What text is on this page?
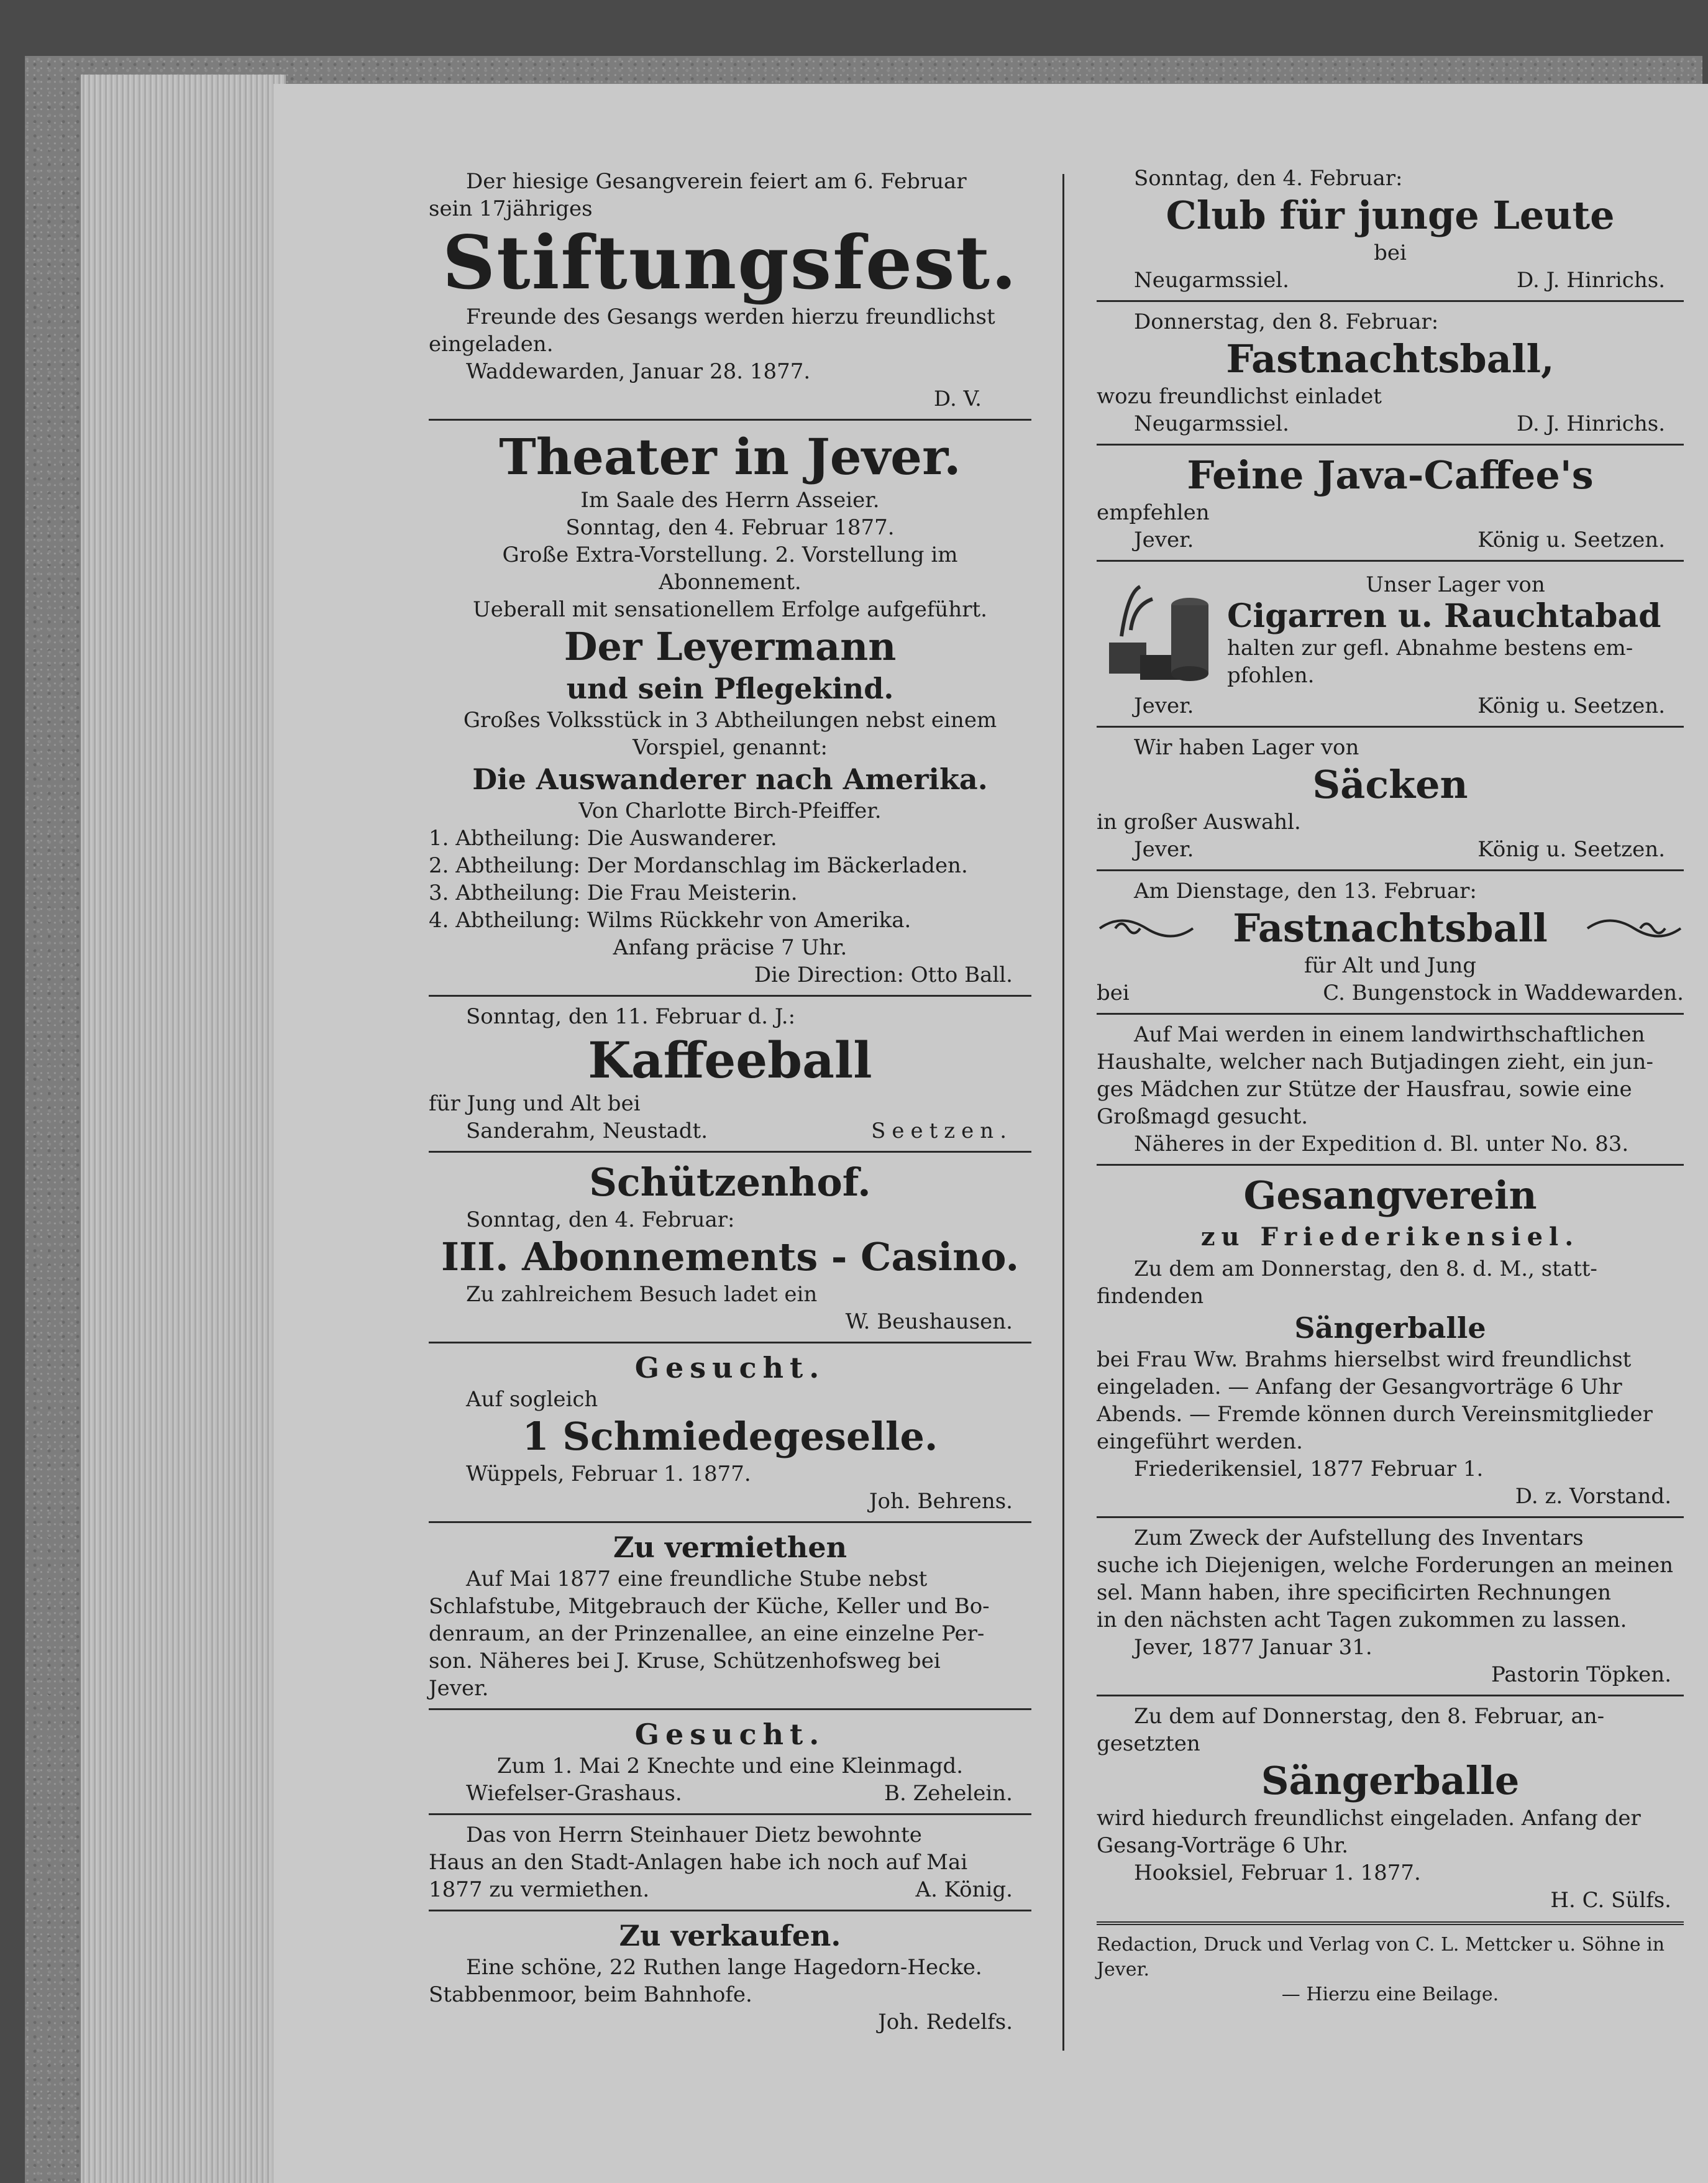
Der hiesige Gesangverein feiert am 6. Februar

sein 17jähriges

Stiftungsfest.

Freunde des Gesangs werden hierzu freundlichst

eingeladen.

Waddewarden, Januar 28. 1877.

D. V.

Theater in Jever.

Im Saale des Herrn Asseier.

Sonntag, den 4. Februar 1877.

Große Extra-Vorstellung. 2. Vorstellung im

Abonnement.

Ueberall mit sensationellem Erfolge aufgeführt.

Der Leyermann

und sein Pflegekind.

Großes Volksstück in 3 Abtheilungen nebst einem

Vorspiel, genannt:

Die Auswanderer nach Amerika.

Von Charlotte Birch-Pfeiffer.

1. Abtheilung: Die Auswanderer.

2. Abtheilung: Der Mordanschlag im Bäckerladen.

3. Abtheilung: Die Frau Meisterin.

4. Abtheilung: Wilms Rückkehr von Amerika.

Anfang präcise 7 Uhr.

Die Direction: Otto Ball.

Sonntag, den 11. Februar d. J.:

Kaffeeball

für Jung und Alt bei

Sanderahm, Neustadt.	Seetzen.

Schützenhof.

Sonntag, den 4. Februar:

III. Abonnements - Casino.

Zu zahlreichem Besuch ladet ein

W. Beushausen.

Gesucht.

Auf sogleich

1 Schmiedegeselle.

Wüppels, Februar 1. 1877.

Joh. Behrens.

Zu vermiethen

Auf Mai 1877 eine freundliche Stube nebst

Schlafstube, Mitgebrauch der Küche, Keller und Bo-

denraum, an der Prinzenallee, an eine einzelne Per-

son. Näheres bei J. Kruse, Schützenhofsweg bei

Jever.

Gesucht.

Zum 1. Mai 2 Knechte und eine Kleinmagd.

Wiefelser-Grashaus.	B. Zehelein.

Das von Herrn Steinhauer Dietz bewohnte

Haus an den Stadt-Anlagen habe ich noch auf Mai

1877 zu vermiethen.	A. König.

Zu verkaufen.

Eine schöne, 22 Ruthen lange Hagedorn-Hecke.

Stabbenmoor, beim Bahnhofe.

Joh. Redelfs.

Sonntag, den 4. Februar:

Club für junge Leute

bei

Neugarmssiel.	D. J. Hinrichs.

Donnerstag, den 8. Februar:

Fastnachtsball,

wozu freundlichst einladet

Neugarmssiel.	D. J. Hinrichs.

Feine Java-Caffee's

empfehlen

Jever.	König u. Seetzen.

Unser Lager von

Cigarren u. Rauchtabad

halten zur gefl. Abnahme bestens em-

pfohlen.

Jever.	König u. Seetzen.

Wir haben Lager von

Säcken

in großer Auswahl.

Jever.	König u. Seetzen.

Am Dienstage, den 13. Februar:

Fastnachtsball

für Alt und Jung

bei	C. Bungenstock in Waddewarden.

Auf Mai werden in einem landwirthschaftlichen

Haushalte, welcher nach Butjadingen zieht, ein jun-

ges Mädchen zur Stütze der Hausfrau, sowie eine

Großmagd gesucht.

Näheres in der Expedition d. Bl. unter No. 83.

Gesangverein

zu Friederikensiel.

Zu dem am Donnerstag, den 8. d. M., statt-

findenden

Sängerballe

bei Frau Ww. Brahms hierselbst wird freundlichst

eingeladen. — Anfang der Gesangvorträge 6 Uhr

Abends. — Fremde können durch Vereinsmitglieder

eingeführt werden.

Friederikensiel, 1877 Februar 1.

D. z. Vorstand.

Zum Zweck der Aufstellung des Inventars

suche ich Diejenigen, welche Forderungen an meinen

sel. Mann haben, ihre specificirten Rechnungen

in den nächsten acht Tagen zukommen zu lassen.

Jever, 1877 Januar 31.

Pastorin Töpken.

Zu dem auf Donnerstag, den 8. Februar, an-

gesetzten

Sängerballe

wird hiedurch freundlichst eingeladen. Anfang der

Gesang-Vorträge 6 Uhr.

Hooksiel, Februar 1. 1877.

H. C. Sülfs.

Redaction, Druck und Verlag von C. L. Mettcker u. Söhne in Jever.

— Hierzu eine Beilage.
